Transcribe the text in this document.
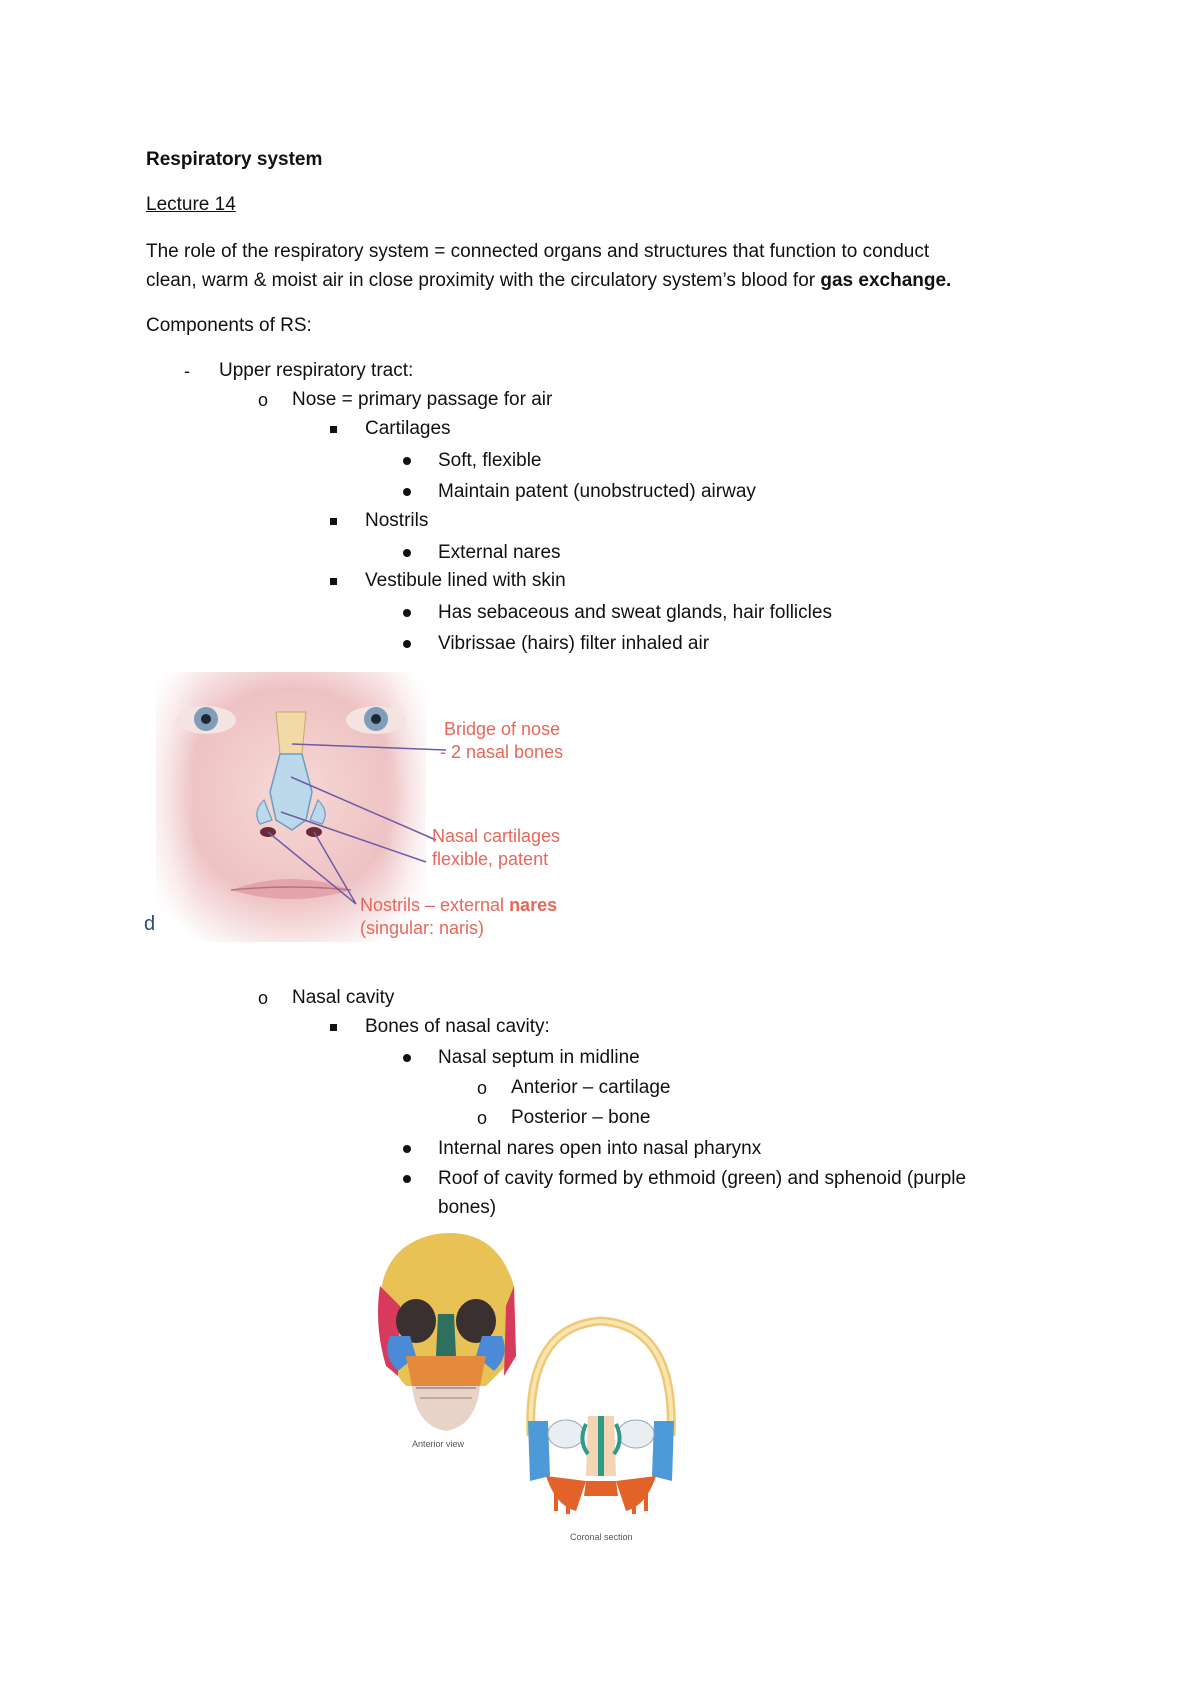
Respiratory system
Lecture 14
The role of the respiratory system = connected organs and structures that function to conduct
clean, warm & moist air in close proximity with the circulatory system’s blood for gas exchange.
Components of RS:
- Upper respiratory tract:
o Nose = primary passage for air
Cartilages
Soft, flexible
Maintain patent (unobstructed) airway
Nostrils
External nares
Vestibule lined with skin
Has sebaceous and sweat glands, hair follicles
Vibrissae (hairs) filter inhaled air
d
Bridge of nose
- 2 nasal bones
Nasal cartilages
flexible, patent
Nostrils – external nares
(singular: naris)
o Nasal cavity
Bones of nasal cavity:
Nasal septum in midline
o Anterior – cartilage
o Posterior – bone
Internal nares open into nasal pharynx
Roof of cavity formed by ethmoid (green) and sphenoid (purple
bones)
Anterior view
Coronal section
